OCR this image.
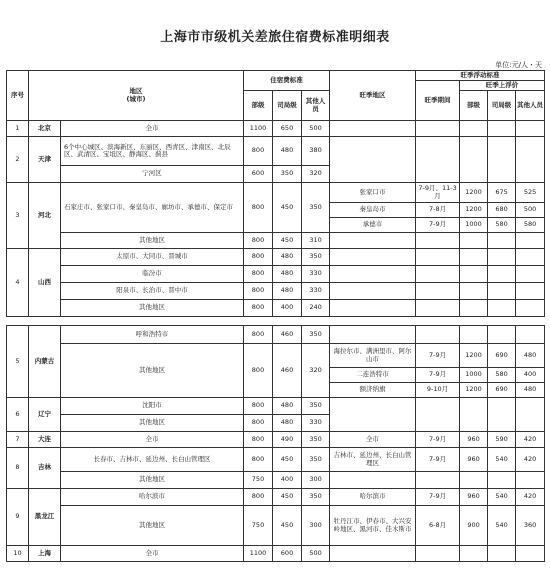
上海市市级机关差旅住宿费标准明细表
单位:元/人・天
序号	地区
(城市)		住宿费标准			旺季地区	旺季浮动标准			
							旺季期间	旺季上浮价		
			部级	司局级	其他人员			部级	司局级	其他人员
1	北京	全市	1100	650	500					
2	天津	6个中心城区、滨海新区、东丽区、西青区、津南区、北辰区、武清区、宝坻区、静海区、蓟县	800	480	380					
		宁河区	600	350	320					
3	河北	石家庄市、张家口市、秦皇岛市、廊坊市、承德市、保定市	800	450	350	张家口市	7-9月、11-3月	1200	675	525
						秦皇岛市	7-8月	1200	680	500
						承德市	7-9月	1000	580	580
		其他地区	800	450	310					
4	山西	太原市、大同市、晋城市	800	480	350					
		临汾市	800	480	330					
		阳泉市、长治市、晋中市	800	480	330					
		其他地区	800	400	240					

5	内蒙古	呼和浩特市	800	460	350					
		其他地区	800	460	320	海拉尔市、满洲里市、阿尔山市	7-9月	1200	690	480
						二连浩特市	7-9月	1000	580	400
						额济纳旗	9-10月	1200	690	480
6	辽宁	沈阳市	800	480	350					
		其他地区	800	480	330					
7	大连	全市	800	490	350	全市	7-9月	960	590	420
8	吉林	长春市、吉林市、延边州、长白山管理区	800	450	350	吉林市、延边州、长白山管理区	7-9月	960	540	420
		其他地区	750	400	300					
9	黑龙江	哈尔滨市	800	450	350	哈尔滨市	7-9月	960	540	420
		其他地区	750	450	300	牡丹江市、伊春市、大兴安岭地区、黑河市、佳木斯市	6-8月	900	540	360
10	上海	全市	1100	600	500					
